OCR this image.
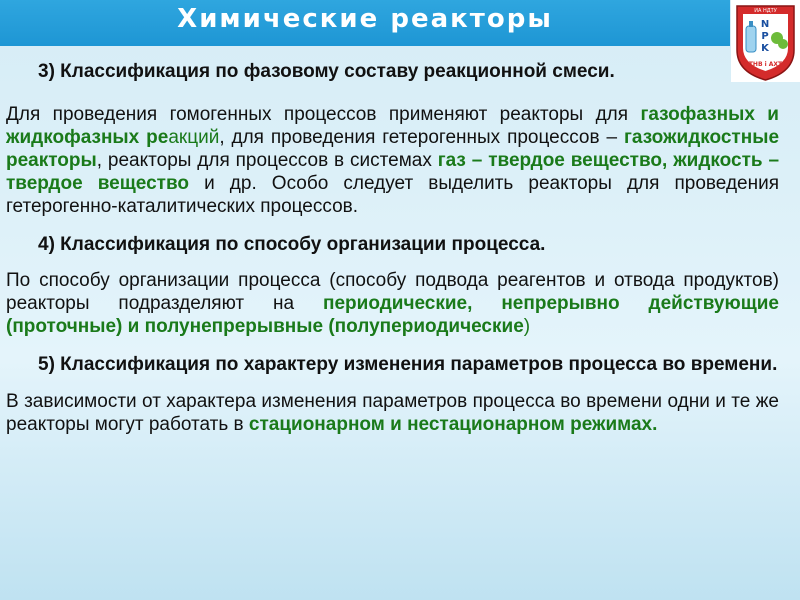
Химические реакторы	ИА НДТУ
N
P
K
ТНВ і АХТ
3) Классификация по фазовому составу реакционной смеси.
Для проведения гомогенных процессов применяют реакторы для газофазных и жидкофазных реакций, для проведения гетерогенных процессов – газожидкостные реакторы, реакторы для процессов в системах газ – твердое вещество, жидкость – твердое вещество и др. Особо следует выделить реакторы для проведения гетерогенно-каталитических процессов.
4) Классификация по способу организации процесса.
По способу организации процесса (способу подвода реагентов и отвода продуктов) реакторы подразделяют на периодические, непрерывно действующие (проточные) и полунепрерывные (полупериодические)
5) Классификация по характеру изменения параметров процесса во времени.
В зависимости от характера изменения параметров процесса во времени одни и те же реакторы могут работать в стационарном и нестационарном режимах.
